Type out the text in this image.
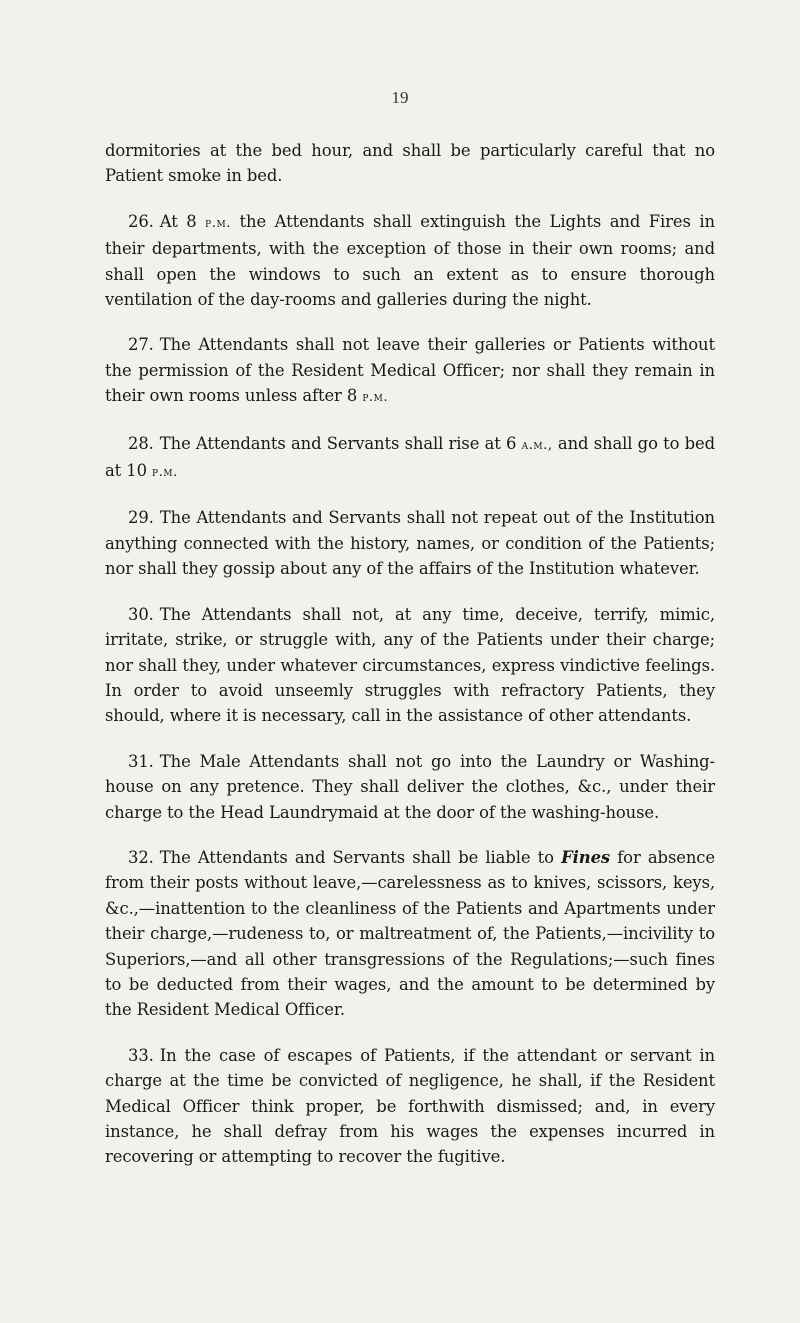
19

dormitories at the bed hour, and shall be particularly careful that no Patient smoke in bed.

26. At 8 p.m. the Attendants shall extinguish the Lights and Fires in their departments, with the exception of those in their own rooms; and shall open the windows to such an extent as to ensure thorough ventilation of the day-rooms and galleries during the night.

27. The Attendants shall not leave their galleries or Patients without the permission of the Resident Medical Officer; nor shall they remain in their own rooms unless after 8 p.m.

28. The Attendants and Servants shall rise at 6 a.m., and shall go to bed at 10 p.m.

29. The Attendants and Servants shall not repeat out of the Institution anything connected with the history, names, or condition of the Patients; nor shall they gossip about any of the affairs of the Institution whatever.

30. The Attendants shall not, at any time, deceive, terrify, mimic, irritate, strike, or struggle with, any of the Patients under their charge; nor shall they, under whatever circumstances, express vindictive feelings. In order to avoid unseemly struggles with refractory Patients, they should, where it is necessary, call in the assistance of other attendants.

31. The Male Attendants shall not go into the Laundry or Washing-house on any pretence. They shall deliver the clothes, &c., under their charge to the Head Laundrymaid at the door of the washing-house.

32. The Attendants and Servants shall be liable to Fines for absence from their posts without leave,—carelessness as to knives, scissors, keys, &c.,—inattention to the cleanliness of the Patients and Apartments under their charge,—rudeness to, or maltreatment of, the Patients,—incivility to Superiors,—and all other transgressions of the Regulations;—such fines to be deducted from their wages, and the amount to be determined by the Resident Medical Officer.

33. In the case of escapes of Patients, if the attendant or servant in charge at the time be convicted of negligence, he shall, if the Resident Medical Officer think proper, be forthwith dismissed; and, in every instance, he shall defray from his wages the expenses incurred in recovering or attempting to recover the fugitive.
